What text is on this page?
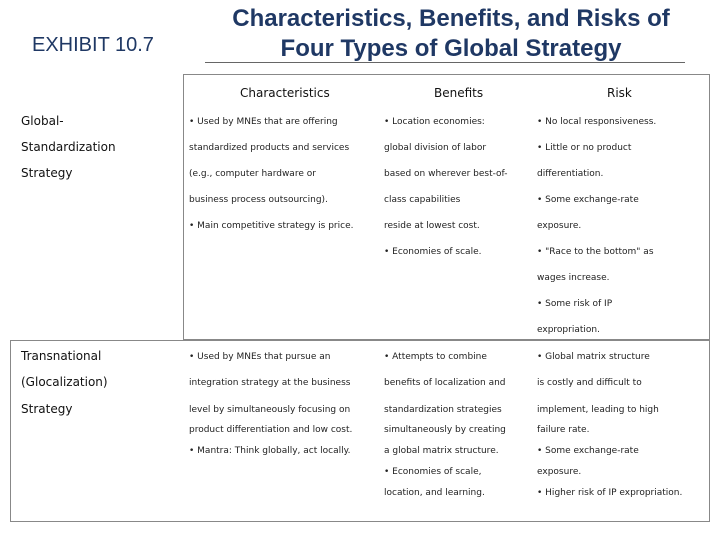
EXHIBIT 10.7
Characteristics, Benefits, and Risks of
Four Types of Global Strategy
Characteristics	Benefits	Risk
Global-
Standardization
Strategy
• Used by MNEs that are offering
standardized products and services
(e.g., computer hardware or
business process outsourcing).
• Main competitive strategy is price.
• Location economies:
global division of labor
based on wherever best-of-
class capabilities
reside at lowest cost.
• Economies of scale.
• No local responsiveness.
• Little or no product
differentiation.
• Some exchange-rate
exposure.
• "Race to the bottom" as
wages increase.
• Some risk of IP
expropriation.
Transnational
(Glocalization)
Strategy
• Used by MNEs that pursue an
integration strategy at the business
level by simultaneously focusing on
product differentiation and low cost.
• Mantra: Think globally, act locally.
• Attempts to combine
benefits of localization and
standardization strategies
simultaneously by creating
a global matrix structure.
• Economies of scale,
location, and learning.
• Global matrix structure
is costly and difficult to
implement, leading to high
failure rate.
• Some exchange-rate
exposure.
• Higher risk of IP expropriation.
